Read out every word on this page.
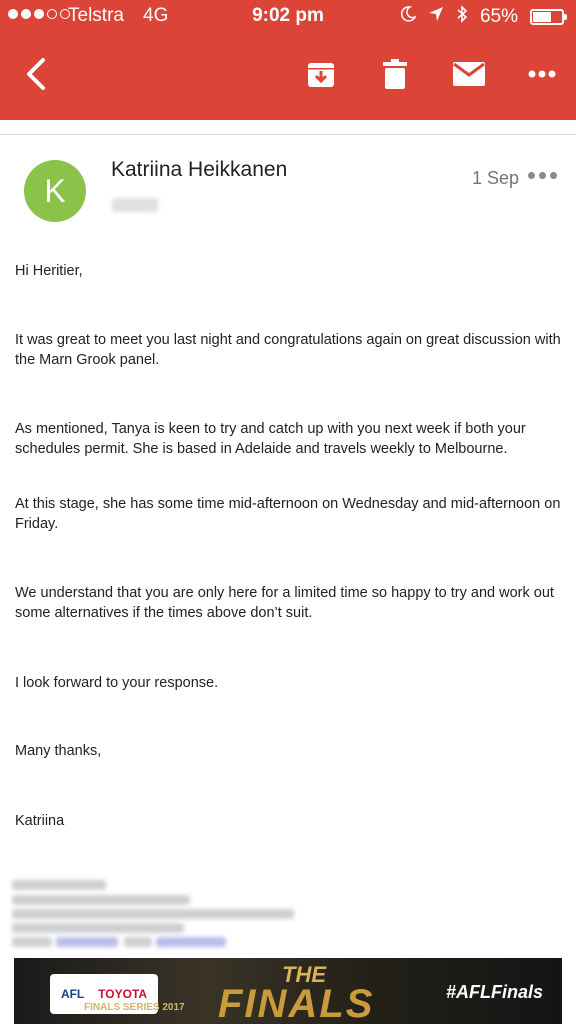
Telstra 4G	9:02 pm	65%
K
Katriina Heikkanen	1 Sep
Hi Heritier,
It was great to meet you last night and congratulations again on great discussion with the Marn Grook panel.
As mentioned, Tanya is keen to try and catch up with you next week if both your schedules permit. She is based in Adelaide and travels weekly to Melbourne.
At this stage, she has some time mid-afternoon on Wednesday and mid-afternoon on Friday.
We understand that you are only here for a limited time so happy to try and work out some alternatives if the times above don’t suit.
I look forward to your response.
Many thanks,
Katriina
AFL TOYOTA
FINALS SERIES 2017
THE
FINALS	#AFLFinals
